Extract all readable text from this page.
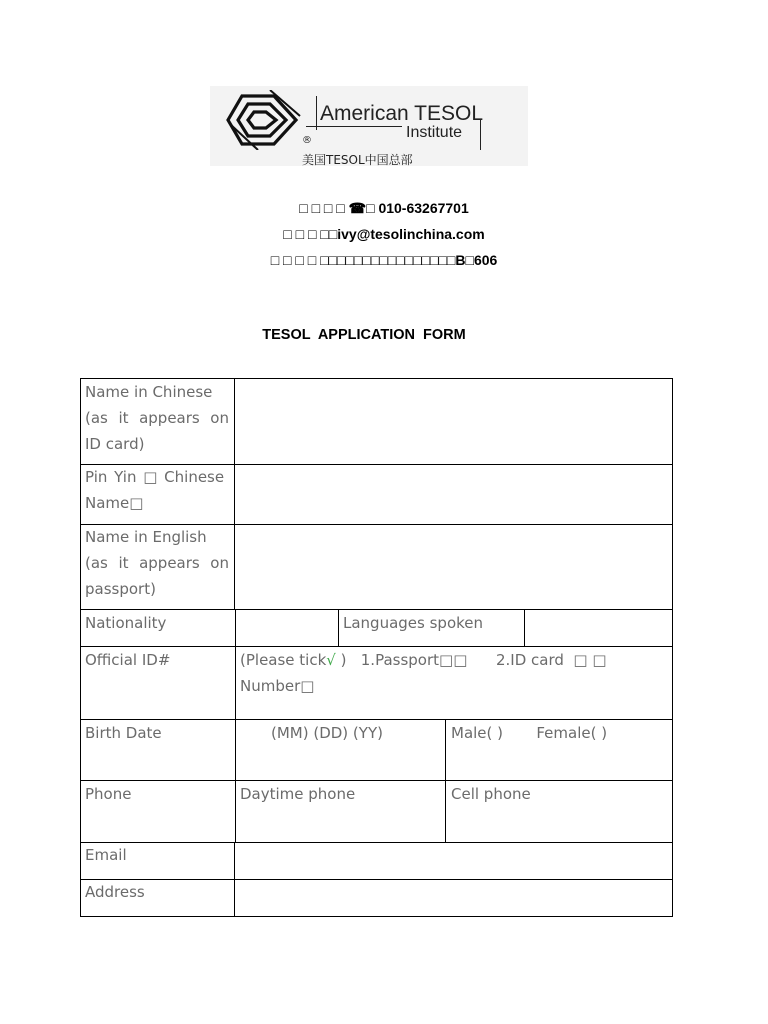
American TESOL
Institute
®
美国TESOL中国总部
□ □ □ □ ☎□ 010-63267701
□ □ □ □□ivy@tesolinchina.com
□ □ □ □ □□□□□□□□□□□□□□□□B□606
TESOL APPLICATION FORM
Name in Chinese
(as it appears on
ID card)
Pin Yin □ Chinese
Name□
Name in English
(as it appears on
passport)
Nationality	Languages spoken
Official ID#	(Please tick√ )   1.Passport□□      2.ID card  □ □
Number□
Birth Date	(MM) (DD) (YY)	Male( )       Female( )
Phone	Daytime phone	Cell phone
Email
Address
